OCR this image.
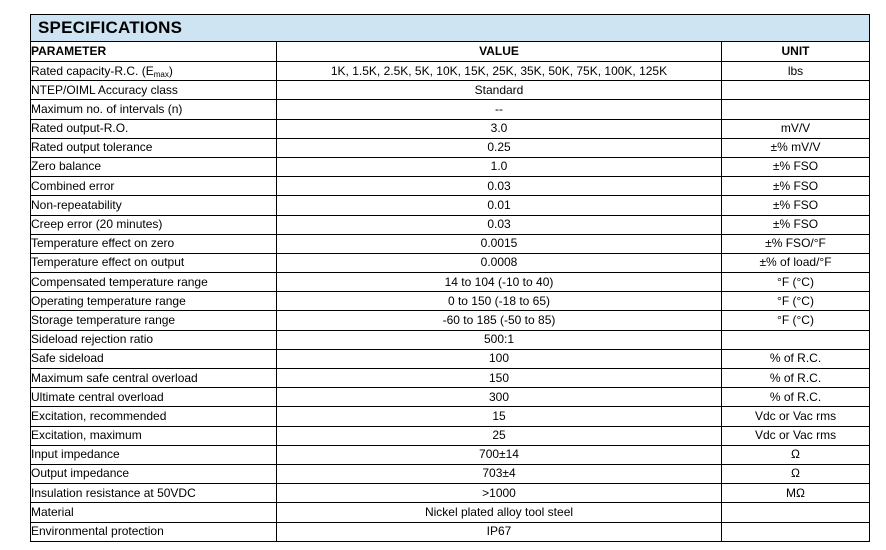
SPECIFICATIONS		
PARAMETER	VALUE	UNIT
Rated capacity-R.C. $(E_{max})$	1K, 1.5K, 2.5K, 5K, 10K, 15K, 25K, 35K, 50K, 75K, 100K, 125K	lbs
NTEP/OIML Accuracy class	Standard	
Maximum no. of intervals (n)	--	
Rated output-R.O.	3.0	mV/V
Rated output tolerance	0.25	±% mV/V
Zero balance	1.0	±% FSO
Combined error	0.03	±% FSO
Non-repeatability	0.01	±% FSO
Creep error (20 minutes)	0.03	±% FSO
Temperature effect on zero	0.0015	±% FSO/°F
Temperature effect on output	0.0008	±% of load/°F
Compensated temperature range	14 to 104 (-10 to 40)	°F (°C)
Operating temperature range	0 to 150 (-18 to 65)	°F (°C)
Storage temperature range	-60 to 185 (-50 to 85)	°F (°C)
Sideload rejection ratio	500:1	
Safe sideload	100	% of R.C.
Maximum safe central overload	150	% of R.C.
Ultimate central overload	300	% of R.C.
Excitation, recommended	15	Vdc or Vac rms
Excitation, maximum	25	Vdc or Vac rms
Input impedance	700±14	Ω
Output impedance	703±4	Ω
Insulation resistance at 50VDC	>1000	MΩ
Material	Nickel plated alloy tool steel	
Environmental protection	IP67	
